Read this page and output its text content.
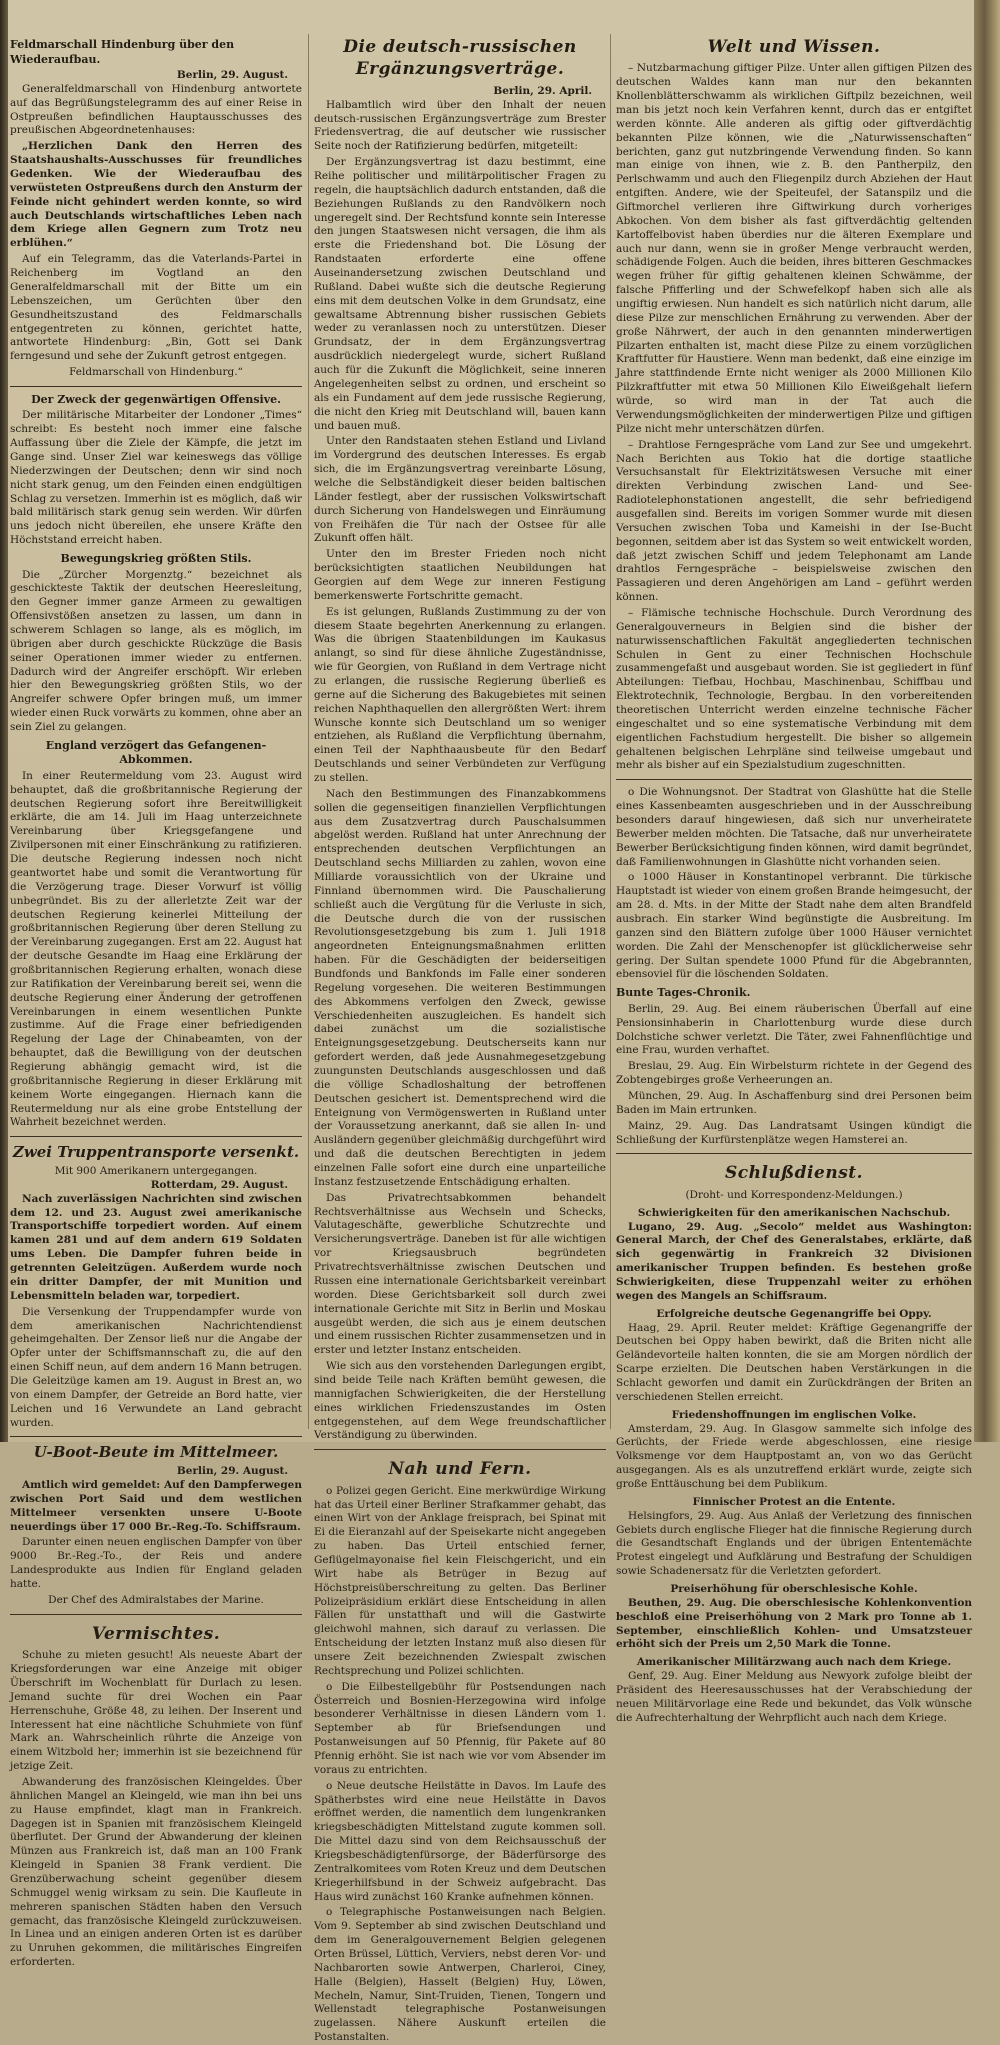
Feldmarschall Hindenburg über den Wiederaufbau.
Berlin, 29. August.

Generalfeldmarschall von Hindenburg antwortete auf das Begrüßungstelegramm des auf einer Reise in Ostpreußen befindlichen Hauptausschusses des preußischen Abgeordnetenhauses:

„Herzlichen Dank den Herren des Staatshaushalts-Ausschusses für freundliches Gedenken. Wie der Wiederaufbau des verwüsteten Ostpreußens durch den Ansturm der Feinde nicht gehindert werden konnte, so wird auch Deutschlands wirtschaftliches Leben nach dem Kriege allen Gegnern zum Trotz neu erblühen.“

Auf ein Telegramm, das die Vaterlands-Partei in Reichenberg im Vogtland an den Generalfeldmarschall mit der Bitte um ein Lebenszeichen, um Gerüchten über den Gesundheitszustand des Feldmarschalls entgegentreten zu können, gerichtet hatte, antwortete Hindenburg: „Bin, Gott sei Dank ferngesund und sehe der Zukunft getrost entgegen.

Feldmarschall von Hindenburg.“
Der Zweck der gegenwärtigen Offensive.

Der militärische Mitarbeiter der Londoner „Times“ schreibt: Es besteht noch immer eine falsche Auffassung über die Ziele der Kämpfe, die jetzt im Gange sind. Unser Ziel war keineswegs das völlige Niederzwingen der Deutschen; denn wir sind noch nicht stark genug, um den Feinden einen endgültigen Schlag zu versetzen. Immerhin ist es möglich, daß wir bald militärisch stark genug sein werden. Wir dürfen uns jedoch nicht übereilen, ehe unsere Kräfte den Höchststand erreicht haben.

Bewegungskrieg größten Stils.

Die „Zürcher Morgenztg.“ bezeichnet als geschickteste Taktik der deutschen Heeresleitung, den Gegner immer ganze Armeen zu gewaltigen Offensivstößen ansetzen zu lassen, um dann in schwerem Schlagen so lange, als es möglich, im übrigen aber durch geschickte Rückzüge die Basis seiner Operationen immer wieder zu entfernen. Dadurch wird der Angreifer erschöpft. Wir erleben hier den Bewegungskrieg größten Stils, wo der Angreifer schwere Opfer bringen muß, um immer wieder einen Ruck vorwärts zu kommen, ohne aber an sein Ziel zu gelangen.

England verzögert das Gefangenen-Abkommen.

In einer Reutermeldung vom 23. August wird behauptet, daß die großbritannische Regierung der deutschen Regierung sofort ihre Bereitwilligkeit erklärte, die am 14. Juli im Haag unterzeichnete Vereinbarung über Kriegsgefangene und Zivilpersonen mit einer Einschränkung zu ratifizieren. Die deutsche Regierung indessen noch nicht geantwortet habe und somit die Verantwortung für die Verzögerung trage. Dieser Vorwurf ist völlig unbegründet. Bis zu der allerletzte Zeit war der deutschen Regierung keinerlei Mitteilung der großbritannischen Regierung über deren Stellung zu der Vereinbarung zugegangen. Erst am 22. August hat der deutsche Gesandte im Haag eine Erklärung der großbritannischen Regierung erhalten, wonach diese zur Ratifikation der Vereinbarung bereit sei, wenn die deutsche Regierung einer Änderung der getroffenen Vereinbarungen in einem wesentlichen Punkte zustimme. Auf die Frage einer befriedigenden Regelung der Lage der Chinabeamten, von der behauptet, daß die Bewilligung von der deutschen Regierung abhängig gemacht wird, ist die großbritannische Regierung in dieser Erklärung mit keinem Worte eingegangen. Hiernach kann die Reutermeldung nur als eine grobe Entstellung der Wahrheit bezeichnet werden.

Zwei Truppentransporte versenkt.
Mit 900 Amerikanern untergegangen.
Rotterdam, 29. August.

Nach zuverlässigen Nachrichten sind zwischen dem 12. und 23. August zwei amerikanische Transportschiffe torpediert worden. Auf einem kamen 281 und auf dem andern 619 Soldaten ums Leben. Die Dampfer fuhren beide in getrennten Geleitzügen. Außerdem wurde noch ein dritter Dampfer, der mit Munition und Lebensmitteln beladen war, torpediert.

Die Versenkung der Truppendampfer wurde von dem amerikanischen Nachrichtendienst geheimgehalten. Der Zensor ließ nur die Angabe der Opfer unter der Schiffsmannschaft zu, die auf den einen Schiff neun, auf dem andern 16 Mann betrugen. Die Geleitzüge kamen am 19. August in Brest an, wo von einem Dampfer, der Getreide an Bord hatte, vier Leichen und 16 Verwundete an Land gebracht wurden.

U-Boot-Beute im Mittelmeer.
Berlin, 29. August.

Amtlich wird gemeldet: Auf den Dampferwegen zwischen Port Said und dem westlichen Mittelmeer versenkten unsere U-Boote neuerdings über 17 000 Br.-Reg.-To. Schiffsraum.

Darunter einen neuen englischen Dampfer von über 9000 Br.-Reg.-To., der Reis und andere Landesprodukte aus Indien für England geladen hatte.

Der Chef des Admiralstabes der Marine.
Vermischtes.

Schuhe zu mieten gesucht! Als neueste Abart der Kriegsforderungen war eine Anzeige mit obiger Überschrift im Wochenblatt für Durlach zu lesen. Jemand suchte für drei Wochen ein Paar Herrenschuhe, Größe 48, zu leihen. Der Inserent und Interessent hat eine nächtliche Schuhmiete von fünf Mark an. Wahrscheinlich rührte die Anzeige von einem Witzbold her; immerhin ist sie bezeichnend für jetzige Zeit.

Abwanderung des französischen Kleingeldes. Über ähnlichen Mangel an Kleingeld, wie man ihn bei uns zu Hause empfindet, klagt man in Frankreich. Dagegen ist in Spanien mit französischem Kleingeld überflutet. Der Grund der Abwanderung der kleinen Münzen aus Frankreich ist, daß man an 100 Frank Kleingeld in Spanien 38 Frank verdient. Die Grenzüberwachung scheint gegenüber diesem Schmuggel wenig wirksam zu sein. Die Kaufleute in mehreren spanischen Städten haben den Versuch gemacht, das französische Kleingeld zurückzuweisen. In Linea und an einigen anderen Orten ist es darüber zu Unruhen gekommen, die militärisches Eingreifen erforderten.

Die deutsch-russischen Ergänzungsverträge.
Berlin, 29. April.

Halbamtlich wird über den Inhalt der neuen deutsch-russischen Ergänzungsverträge zum Brester Friedensvertrag, die auf deutscher wie russischer Seite noch der Ratifizierung bedürfen, mitgeteilt:

Der Ergänzungsvertrag ist dazu bestimmt, eine Reihe politischer und militärpolitischer Fragen zu regeln, die hauptsächlich dadurch entstanden, daß die Beziehungen Rußlands zu den Randvölkern noch ungeregelt sind. Der Rechtsfund konnte sein Interesse den jungen Staatswesen nicht versagen, die ihm als erste die Friedenshand bot. Die Lösung der Randstaaten erforderte eine offene Auseinandersetzung zwischen Deutschland und Rußland. Dabei wußte sich die deutsche Regierung eins mit dem deutschen Volke in dem Grundsatz, eine gewaltsame Abtrennung bisher russischen Gebiets weder zu veranlassen noch zu unterstützen. Dieser Grundsatz, der in dem Ergänzungsvertrag ausdrücklich niedergelegt wurde, sichert Rußland auch für die Zukunft die Möglichkeit, seine inneren Angelegenheiten selbst zu ordnen, und erscheint so als ein Fundament auf dem jede russische Regierung, die nicht den Krieg mit Deutschland will, bauen kann und bauen muß.

Unter den Randstaaten stehen Estland und Livland im Vordergrund des deutschen Interesses. Es ergab sich, die im Ergänzungsvertrag vereinbarte Lösung, welche die Selbständigkeit dieser beiden baltischen Länder festlegt, aber der russischen Volkswirtschaft durch Sicherung von Handelswegen und Einräumung von Freihäfen die Tür nach der Ostsee für alle Zukunft offen hält.

Unter den im Brester Frieden noch nicht berücksichtigten staatlichen Neubildungen hat Georgien auf dem Wege zur inneren Festigung bemerkenswerte Fortschritte gemacht.

Es ist gelungen, Rußlands Zustimmung zu der von diesem Staate begehrten Anerkennung zu erlangen. Was die übrigen Staatenbildungen im Kaukasus anlangt, so sind für diese ähnliche Zugeständnisse, wie für Georgien, von Rußland in dem Vertrage nicht zu erlangen, die russische Regierung überließ es gerne auf die Sicherung des Bakugebietes mit seinen reichen Naphthaquellen den allergrößten Wert: ihrem Wunsche konnte sich Deutschland um so weniger entziehen, als Rußland die Verpflichtung übernahm, einen Teil der Naphthaausbeute für den Bedarf Deutschlands und seiner Verbündeten zur Verfügung zu stellen.

Nach den Bestimmungen des Finanzabkommens sollen die gegenseitigen finanziellen Verpflichtungen aus dem Zusatzvertrag durch Pauschalsummen abgelöst werden. Rußland hat unter Anrechnung der entsprechenden deutschen Verpflichtungen an Deutschland sechs Milliarden zu zahlen, wovon eine Milliarde voraussichtlich von der Ukraine und Finnland übernommen wird. Die Pauschalierung schließt auch die Vergütung für die Verluste in sich, die Deutsche durch die von der russischen Revolutionsgesetzgebung bis zum 1. Juli 1918 angeordneten Enteignungsmaßnahmen erlitten haben. Für die Geschädigten der beiderseitigen Bundfonds und Bankfonds im Falle einer sonderen Regelung vorgesehen. Die weiteren Bestimmungen des Abkommens verfolgen den Zweck, gewisse Verschiedenheiten auszugleichen. Es handelt sich dabei zunächst um die sozialistische Enteignungsgesetzgebung. Deutscherseits kann nur gefordert werden, daß jede Ausnahmegesetzgebung zuungunsten Deutschlands ausgeschlossen und daß die völlige Schadloshaltung der betroffenen Deutschen gesichert ist. Dementsprechend wird die Enteignung von Vermögenswerten in Rußland unter der Voraussetzung anerkannt, daß sie allen In- und Ausländern gegenüber gleichmäßig durchgeführt wird und daß die deutschen Berechtigten in jedem einzelnen Falle sofort eine durch eine unparteiliche Instanz festzusetzende Entschädigung erhalten.

Das Privatrechtsabkommen behandelt Rechtsverhältnisse aus Wechseln und Schecks, Valutageschäfte, gewerbliche Schutzrechte und Versicherungsverträge. Daneben ist für alle wichtigen vor Kriegsausbruch begründeten Privatrechtsverhältnisse zwischen Deutschen und Russen eine internationale Gerichtsbarkeit vereinbart worden. Diese Gerichtsbarkeit soll durch zwei internationale Gerichte mit Sitz in Berlin und Moskau ausgeübt werden, die sich aus je einem deutschen und einem russischen Richter zusammensetzen und in erster und letzter Instanz entscheiden.

Wie sich aus den vorstehenden Darlegungen ergibt, sind beide Teile nach Kräften bemüht gewesen, die mannigfachen Schwierigkeiten, die der Herstellung eines wirklichen Friedenszustandes im Osten entgegenstehen, auf dem Wege freundschaftlicher Verständigung zu überwinden.

Nah und Fern.

o Polizei gegen Gericht. Eine merkwürdige Wirkung hat das Urteil einer Berliner Strafkammer gehabt, das einen Wirt von der Anklage freisprach, bei Spinat mit Ei die Eieranzahl auf der Speisekarte nicht angegeben zu haben. Das Urteil entschied ferner, Geflügelmayonaise fiel kein Fleischgericht, und ein Wirt habe als Betrüger in Bezug auf Höchstpreisüberschreitung zu gelten. Das Berliner Polizeipräsidium erklärt diese Entscheidung in allen Fällen für unstatthaft und will die Gastwirte gleichwohl mahnen, sich darauf zu verlassen. Die Entscheidung der letzten Instanz muß also diesen für unsere Zeit bezeichnenden Zwiespalt zwischen Rechtsprechung und Polizei schlichten.

o Die Eilbestellgebühr für Postsendungen nach Österreich und Bosnien-Herzegowina wird infolge besonderer Verhältnisse in diesen Ländern vom 1. September ab für Briefsendungen und Postanweisungen auf 50 Pfennig, für Pakete auf 80 Pfennig erhöht. Sie ist nach wie vor vom Absender im voraus zu entrichten.

o Neue deutsche Heilstätte in Davos. Im Laufe des Spätherbstes wird eine neue Heilstätte in Davos eröffnet werden, die namentlich dem lungenkranken kriegsbeschädigten Mittelstand zugute kommen soll. Die Mittel dazu sind von dem Reichsausschuß der Kriegsbeschädigtenfürsorge, der Bäderfürsorge des Zentralkomitees vom Roten Kreuz und dem Deutschen Kriegerhilfsbund in der Schweiz aufgebracht. Das Haus wird zunächst 160 Kranke aufnehmen können.

o Telegraphische Postanweisungen nach Belgien. Vom 9. September ab sind zwischen Deutschland und dem im Generalgouvernement Belgien gelegenen Orten Brüssel, Lüttich, Verviers, nebst deren Vor- und Nachbarorten sowie Antwerpen, Charleroi, Ciney, Halle (Belgien), Hasselt (Belgien) Huy, Löwen, Mecheln, Namur, Sint-Truiden, Tienen, Tongern und Wellenstadt telegraphische Postanweisungen zugelassen. Nähere Auskunft erteilen die Postanstalten.

Welt und Wissen.

– Nutzbarmachung giftiger Pilze. Unter allen giftigen Pilzen des deutschen Waldes kann man nur den bekannten Knollenblätterschwamm als wirklichen Giftpilz bezeichnen, weil man bis jetzt noch kein Verfahren kennt, durch das er entgiftet werden könnte. Alle anderen als giftig oder giftverdächtig bekannten Pilze können, wie die „Naturwissenschaften“ berichten, ganz gut nutzbringende Verwendung finden. So kann man einige von ihnen, wie z. B. den Pantherpilz, den Perlschwamm und auch den Fliegenpilz durch Abziehen der Haut entgiften. Andere, wie der Speiteufel, der Satanspilz und die Giftmorchel verlieren ihre Giftwirkung durch vorheriges Abkochen. Von dem bisher als fast giftverdächtig geltenden Kartoffelbovist haben überdies nur die älteren Exemplare und auch nur dann, wenn sie in großer Menge verbraucht werden, schädigende Folgen. Auch die beiden, ihres bitteren Geschmackes wegen früher für giftig gehaltenen kleinen Schwämme, der falsche Pfifferling und der Schwefelkopf haben sich alle als ungiftig erwiesen. Nun handelt es sich natürlich nicht darum, alle diese Pilze zur menschlichen Ernährung zu verwenden. Aber der große Nährwert, der auch in den genannten minderwertigen Pilzarten enthalten ist, macht diese Pilze zu einem vorzüglichen Kraftfutter für Haustiere. Wenn man bedenkt, daß eine einzige im Jahre stattfindende Ernte nicht weniger als 2000 Millionen Kilo Pilzkraftfutter mit etwa 50 Millionen Kilo Eiweißgehalt liefern würde, so wird man in der Tat auch die Verwendungsmöglichkeiten der minderwertigen Pilze und giftigen Pilze nicht mehr unterschätzen dürfen.

– Drahtlose Ferngespräche vom Land zur See und umgekehrt. Nach Berichten aus Tokio hat die dortige staatliche Versuchsanstalt für Elektrizitätswesen Versuche mit einer direkten Verbindung zwischen Land- und See-Radiotelephonstationen angestellt, die sehr befriedigend ausgefallen sind. Bereits im vorigen Sommer wurde mit diesen Versuchen zwischen Toba und Kameishi in der Ise-Bucht begonnen, seitdem aber ist das System so weit entwickelt worden, daß jetzt zwischen Schiff und jedem Telephonamt am Lande drahtlos Ferngespräche – beispielsweise zwischen den Passagieren und deren Angehörigen am Land – geführt werden können.

– Flämische technische Hochschule. Durch Verordnung des Generalgouverneurs in Belgien sind die bisher der naturwissenschaftlichen Fakultät angegliederten technischen Schulen in Gent zu einer Technischen Hochschule zusammengefaßt und ausgebaut worden. Sie ist gegliedert in fünf Abteilungen: Tiefbau, Hochbau, Maschinenbau, Schiffbau und Elektrotechnik, Technologie, Bergbau. In den vorbereitenden theoretischen Unterricht werden einzelne technische Fächer eingeschaltet und so eine systematische Verbindung mit dem eigentlichen Fachstudium hergestellt. Die bisher so allgemein gehaltenen belgischen Lehrpläne sind teilweise umgebaut und mehr als bisher auf ein Spezialstudium zugeschnitten.

o Die Wohnungsnot. Der Stadtrat von Glashütte hat die Stelle eines Kassenbeamten ausgeschrieben und in der Ausschreibung besonders darauf hingewiesen, daß sich nur unverheiratete Bewerber melden möchten. Die Tatsache, daß nur unverheiratete Bewerber Berücksichtigung finden können, wird damit begründet, daß Familienwohnungen in Glashütte nicht vorhanden seien.

o 1000 Häuser in Konstantinopel verbrannt. Die türkische Hauptstadt ist wieder von einem großen Brande heimgesucht, der am 28. d. Mts. in der Mitte der Stadt nahe dem alten Brandfeld ausbrach. Ein starker Wind begünstigte die Ausbreitung. Im ganzen sind den Blättern zufolge über 1000 Häuser vernichtet worden. Die Zahl der Menschenopfer ist glücklicherweise sehr gering. Der Sultan spendete 1000 Pfund für die Abgebrannten, ebensoviel für die löschenden Soldaten.

Bunte Tages-Chronik.

Berlin, 29. Aug. Bei einem räuberischen Überfall auf eine Pensionsinhaberin in Charlottenburg wurde diese durch Dolchstiche schwer verletzt. Die Täter, zwei Fahnenflüchtige und eine Frau, wurden verhaftet.

Breslau, 29. Aug. Ein Wirbelsturm richtete in der Gegend des Zobtengebirges große Verheerungen an.

München, 29. Aug. In Aschaffenburg sind drei Personen beim Baden im Main ertrunken.

Mainz, 29. Aug. Das Landratsamt Usingen kündigt die Schließung der Kurfürstenplätze wegen Hamsterei an.

Schlußdienst.
(Droht- und Korrespondenz-Meldungen.)
Schwierigkeiten für den amerikanischen Nachschub.

Lugano, 29. Aug. „Secolo“ meldet aus Washington: General March, der Chef des Generalstabes, erklärte, daß sich gegenwärtig in Frankreich 32 Divisionen amerikanischer Truppen befinden. Es bestehen große Schwierigkeiten, diese Truppenzahl weiter zu erhöhen wegen des Mangels an Schiffsraum.

Erfolgreiche deutsche Gegenangriffe bei Oppy.

Haag, 29. April. Reuter meldet: Kräftige Gegenangriffe der Deutschen bei Oppy haben bewirkt, daß die Briten nicht alle Geländevorteile halten konnten, die sie am Morgen nördlich der Scarpe erzielten. Die Deutschen haben Verstärkungen in die Schlacht geworfen und damit ein Zurückdrängen der Briten an verschiedenen Stellen erreicht.

Friedenshoffnungen im englischen Volke.

Amsterdam, 29. Aug. In Glasgow sammelte sich infolge des Gerüchts, der Friede werde abgeschlossen, eine riesige Volksmenge vor dem Hauptpostamt an, von wo das Gerücht ausgegangen. Als es als unzutreffend erklärt wurde, zeigte sich große Enttäuschung bei dem Publikum.

Finnischer Protest an die Entente.

Helsingfors, 29. Aug. Aus Anlaß der Verletzung des finnischen Gebiets durch englische Flieger hat die finnische Regierung durch die Gesandtschaft Englands und der übrigen Ententemächte Protest eingelegt und Aufklärung und Bestrafung der Schuldigen sowie Schadenersatz für die Verletzten gefordert.

Preiserhöhung für oberschlesische Kohle.

Beuthen, 29. Aug. Die oberschlesische Kohlenkonvention beschloß eine Preiserhöhung von 2 Mark pro Tonne ab 1. September, einschließlich Kohlen- und Umsatzsteuer erhöht sich der Preis um 2,50 Mark die Tonne.

Amerikanischer Militärzwang auch nach dem Kriege.

Genf, 29. Aug. Einer Meldung aus Newyork zufolge bleibt der Präsident des Heeresausschusses hat der Verabschiedung der neuen Militärvorlage eine Rede und bekundet, das Volk wünsche die Aufrechterhaltung der Wehrpflicht auch nach dem Kriege.
